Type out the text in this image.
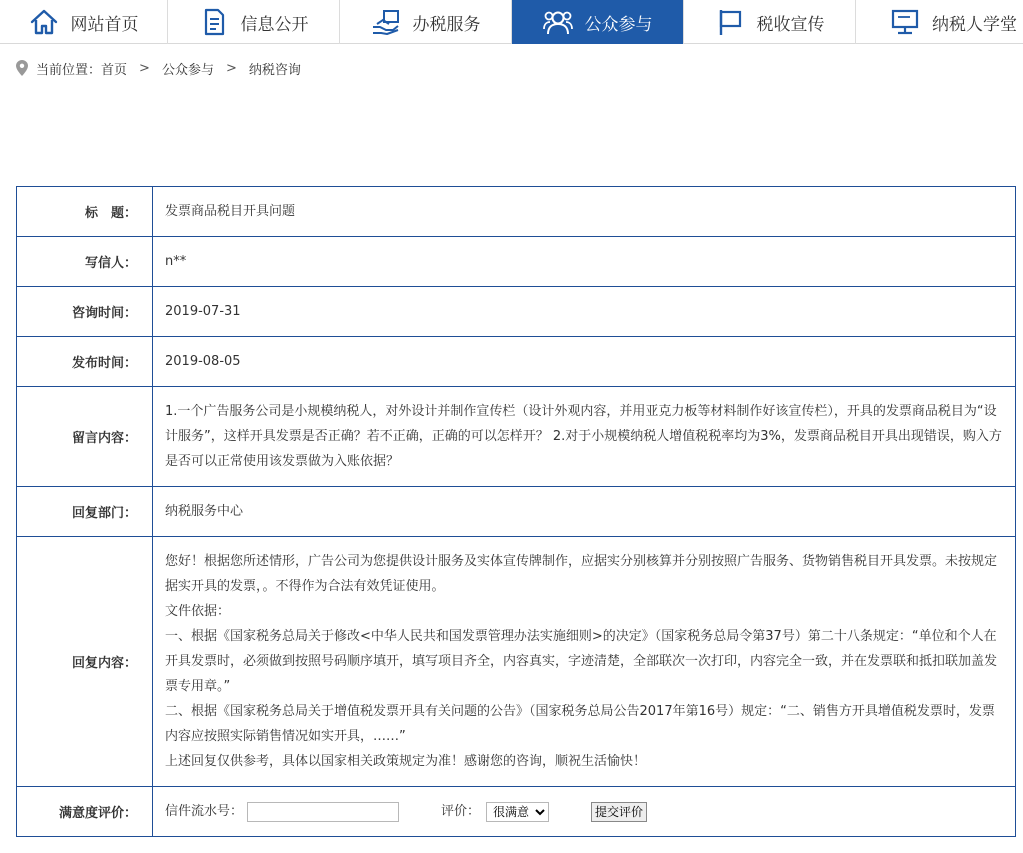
网站首页	信息公开	办税服务	公众参与	税收宣传	纳税人学堂
当前位置： 首页 > 公众参与 > 纳税咨询
标　题：	发票商品税目开具问题
写信人：	n**
咨询时间：	2019-07-31
发布时间：	2019-08-05
留言内容：	1.一个广告服务公司是小规模纳税人，对外设计并制作宣传栏（设计外观内容，并用亚克力板等材料制作好该宣传栏），开具的发票商品税目为“设计服务”，这样开具发票是否正确？若不正确，正确的可以怎样开？ 2.对于小规模纳税人增值税税率均为3%，发票商品税目开具出现错误，购入方是否可以正常使用该发票做为入账依据？
回复部门：	纳税服务中心
回复内容：	您好！根据您所述情形，广告公司为您提供设计服务及实体宣传牌制作，应据实分别核算并分别按照广告服务、货物销售税目开具发票。未按规定据实开具的发票，。不得作为合法有效凭证使用。
文件依据：
一、根据《国家税务总局关于修改<中华人民共和国发票管理办法实施细则>的决定》（国家税务总局令第37号）第二十八条规定：“单位和个人在开具发票时，必须做到按照号码顺序填开，填写项目齐全，内容真实，字迹清楚，全部联次一次打印，内容完全一致，并在发票联和抵扣联加盖发票专用章。”
二、根据《国家税务总局关于增值税发票开具有关问题的公告》（国家税务总局公告2017年第16号）规定：“二、销售方开具增值税发票时，发票内容应按照实际销售情况如实开具，……”
上述回复仅供参考，具体以国家相关政策规定为准！感谢您的咨询，顺祝生活愉快！

满意度评价：	信件流水号： 评价：
很满意 提交评价
